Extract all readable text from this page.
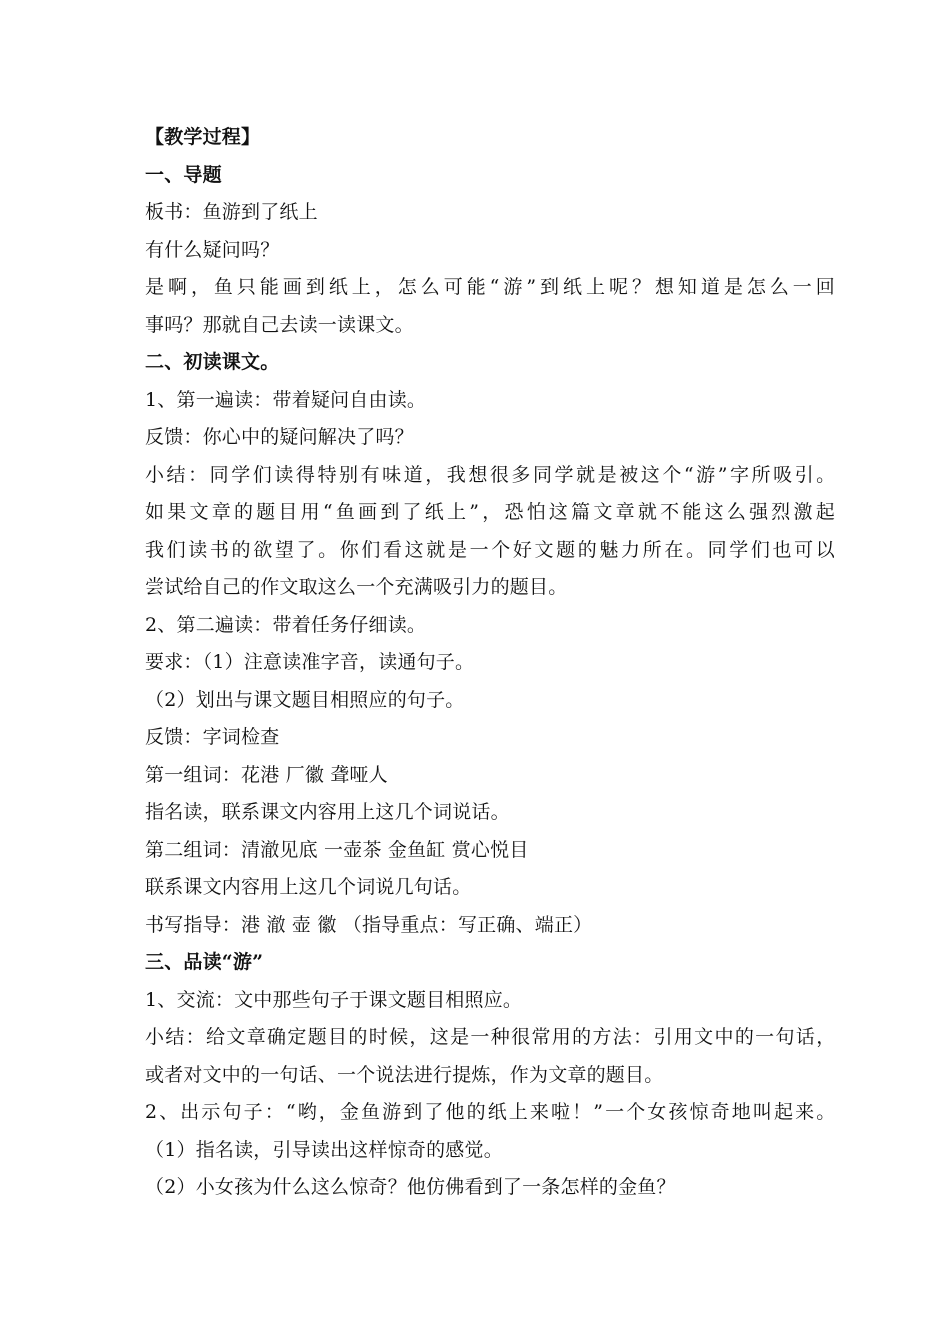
【教学过程】
一、导题
板书：鱼游到了纸上
有什么疑问吗？
是啊，鱼只能画到纸上，怎么可能“游”到纸上呢？想知道是怎么一回
事吗？那就自己去读一读课文。
二、初读课文。
1、第一遍读：带着疑问自由读。
反馈：你心中的疑问解决了吗？
小结：同学们读得特别有味道，我想很多同学就是被这个“游”字所吸引。
如果文章的题目用“鱼画到了纸上”，恐怕这篇文章就不能这么强烈激起
我们读书的欲望了。你们看这就是一个好文题的魅力所在。同学们也可以
尝试给自己的作文取这么一个充满吸引力的题目。
2、第二遍读：带着任务仔细读。
要求：（1）注意读准字音，读通句子。
（2）划出与课文题目相照应的句子。
反馈：字词检查
第一组词：花港 厂徽 聋哑人
指名读，联系课文内容用上这几个词说话。
第二组词：清澈见底 一壶茶 金鱼缸 赏心悦目
联系课文内容用上这几个词说几句话。
书写指导：港 澈 壶 徽 （指导重点：写正确、端正）
三、品读“游”
1、交流：文中那些句子于课文题目相照应。
小结：给文章确定题目的时候，这是一种很常用的方法：引用文中的一句话，
或者对文中的一句话、一个说法进行提炼，作为文章的题目。
2、出示句子：“哟，金鱼游到了他的纸上来啦！”一个女孩惊奇地叫起来。
（1）指名读，引导读出这样惊奇的感觉。
（2）小女孩为什么这么惊奇？他仿佛看到了一条怎样的金鱼？
